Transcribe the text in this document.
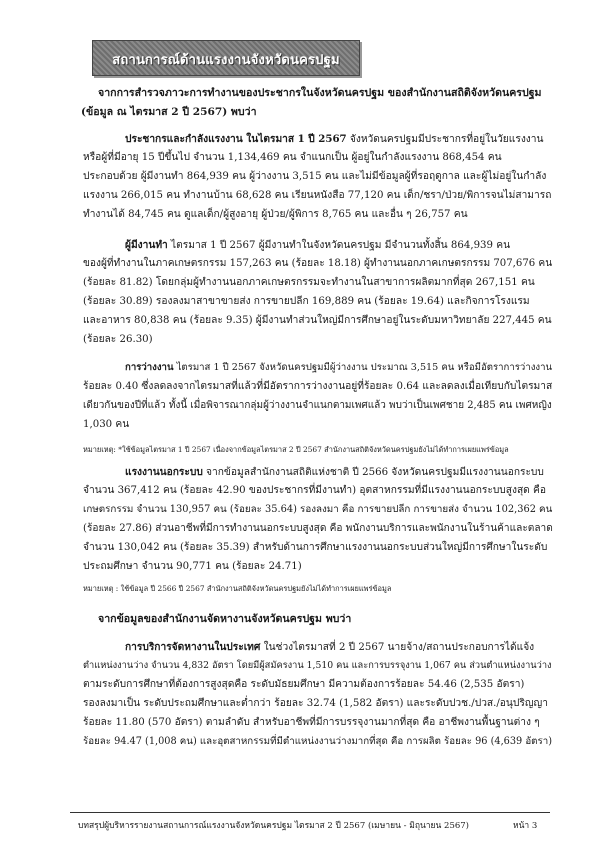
สถานการณ์ด้านแรงงานจังหวัดนครปฐม
จากการสำรวจภาวะการทำงานของประชากรในจังหวัดนครปฐม ของสำนักงานสถิติจังหวัดนครปฐม
(ข้อมูล ณ ไตรมาส 2 ปี 2567) พบว่า
ประชากรและกำลังแรงงาน ในไตรมาส 1 ปี 2567 จังหวัดนครปฐมมีประชากรที่อยู่ในวัยแรงงาน
หรือผู้ที่มีอายุ 15 ปีขึ้นไป จำนวน 1,134,469 คน จำแนกเป็น ผู้อยู่ในกำลังแรงงาน 868,454 คน
ประกอบด้วย ผู้มีงานทำ 864,939 คน ผู้ว่างงาน 3,515 คน และไม่มีข้อมูลผู้ที่รอฤดูกาล และผู้ไม่อยู่ในกำลัง
แรงงาน 266,015 คน ทำงานบ้าน 68,628 คน เรียนหนังสือ 77,120 คน เด็ก/ชรา/ป่วย/พิการจนไม่สามารถ
ทำงานได้ 84,745 คน ดูแลเด็ก/ผู้สูงอายุ ผู้ป่วย/ผู้พิการ 8,765 คน และอื่น ๆ 26,757 คน
ผู้มีงานทำ ไตรมาส 1 ปี 2567 ผู้มีงานทำในจังหวัดนครปฐม มีจำนวนทั้งสิ้น 864,939 คน
ของผู้ที่ทำงานในภาคเกษตรกรรม 157,263 คน (ร้อยละ 18.18) ผู้ทำงานนอกภาคเกษตรกรรม 707,676 คน
(ร้อยละ 81.82) โดยกลุ่มผู้ทำงานนอกภาคเกษตรกรรมจะทำงานในสาขาการผลิตมากที่สุด 267,151 คน
(ร้อยละ 30.89) รองลงมาสาขาขายส่ง การขายปลีก 169,889 คน (ร้อยละ 19.64) และกิจการโรงแรม
และอาหาร 80,838 คน (ร้อยละ 9.35) ผู้มีงานทำส่วนใหญ่มีการศึกษาอยู่ในระดับมหาวิทยาลัย 227,445 คน
(ร้อยละ 26.30)
การว่างงาน ไตรมาส 1 ปี 2567 จังหวัดนครปฐมมีผู้ว่างงาน ประมาณ 3,515 คน หรือมีอัตราการว่างงาน
ร้อยละ 0.40 ซึ่งลดลงจากไตรมาสที่แล้วที่มีอัตราการว่างงานอยู่ที่ร้อยละ 0.64 และลดลงเมื่อเทียบกับไตรมาส
เดียวกันของปีที่แล้ว ทั้งนี้ เมื่อพิจารณากลุ่มผู้ว่างงานจำแนกตามเพศแล้ว พบว่าเป็นเพศชาย 2,485 คน เพศหญิง
1,030 คน
หมายเหตุ: *ใช้ข้อมูลไตรมาส 1 ปี 2567 เนื่องจากข้อมูลไตรมาส 2 ปี 2567 สำนักงานสถิติจังหวัดนครปฐมยังไม่ได้ทำการเผยแพร่ข้อมูล
แรงงานนอกระบบ จากข้อมูลสำนักงานสถิติแห่งชาติ ปี 2566 จังหวัดนครปฐมมีแรงงานนอกระบบ
จำนวน 367,412 คน (ร้อยละ 42.90 ของประชากรที่มีงานทำ) อุตสาหกรรมที่มีแรงงานนอกระบบสูงสุด คือ
เกษตรกรรม จำนวน 130,957 คน (ร้อยละ 35.64) รองลงมา คือ การขายปลีก การขายส่ง จำนวน 102,362 คน
(ร้อยละ 27.86) ส่วนอาชีพที่มีการทำงานนอกระบบสูงสุด คือ พนักงานบริการและพนักงานในร้านค้าและตลาด
จำนวน 130,042 คน (ร้อยละ 35.39) สำหรับด้านการศึกษาแรงงานนอกระบบส่วนใหญ่มีการศึกษาในระดับ
ประถมศึกษา จำนวน 90,771 คน (ร้อยละ 24.71)
หมายเหตุ : ใช้ข้อมูล ปี 2566 ปี 2567 สำนักงานสถิติจังหวัดนครปฐมยังไม่ได้ทำการเผยแพร่ข้อมูล
จากข้อมูลของสำนักงานจัดหางานจังหวัดนครปฐม พบว่า
การบริการจัดหางานในประเทศ ในช่วงไตรมาสที่ 2 ปี 2567 นายจ้าง/สถานประกอบการได้แจ้ง
ตำแหน่งงานว่าง จำนวน 4,832 อัตรา โดยมีผู้สมัครงาน 1,510 คน และการบรรจุงาน 1,067 คน ส่วนตำแหน่งงานว่าง
ตามระดับการศึกษาที่ต้องการสูงสุดคือ ระดับมัธยมศึกษา มีความต้องการร้อยละ 54.46 (2,535 อัตรา)
รองลงมาเป็น ระดับประถมศึกษาและต่ำกว่า ร้อยละ 32.74 (1,582 อัตรา) และระดับปวช./ปวส./อนุปริญญา
ร้อยละ 11.80 (570 อัตรา) ตามลำดับ สำหรับอาชีพที่มีการบรรจุงานมากที่สุด คือ อาชีพงานพื้นฐานต่าง ๆ
ร้อยละ 94.47 (1,008 คน) และอุตสาหกรรมที่มีตำแหน่งงานว่างมากที่สุด คือ การผลิต ร้อยละ 96 (4,639 อัตรา)
บทสรุปผู้บริหารรายงานสถานการณ์แรงงานจังหวัดนครปฐม ไตรมาส 2 ปี 2567 (เมษายน - มิถุนายน 2567)	หน้า 3
